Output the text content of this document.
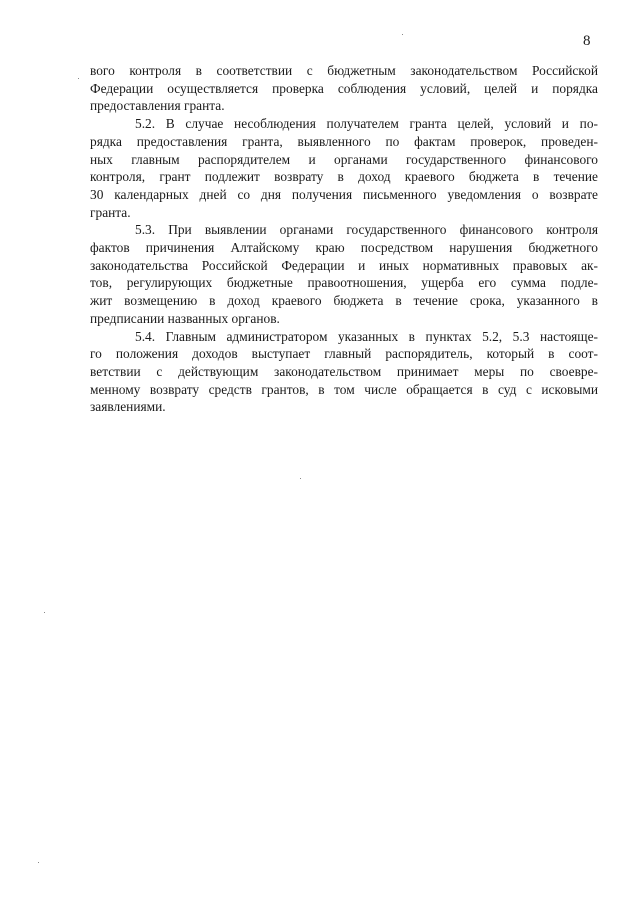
8
вого контроля в соответствии с бюджетным законодательством Российской
Федерации осуществляется проверка соблюдения условий, целей и порядка
предоставления гранта.
5.2. В случае несоблюдения получателем гранта целей, условий и по-
рядка предоставления гранта, выявленного по фактам проверок, проведен-
ных главным распорядителем и органами государственного финансового
контроля, грант подлежит возврату в доход краевого бюджета в течение
30 календарных дней со дня получения письменного уведомления о возврате
гранта.
5.3. При выявлении органами государственного финансового контроля
фактов причинения Алтайскому краю посредством нарушения бюджетного
законодательства Российской Федерации и иных нормативных правовых ак-
тов, регулирующих бюджетные правоотношения, ущерба его сумма подле-
жит возмещению в доход краевого бюджета в течение срока, указанного в
предписании названных органов.
5.4. Главным администратором указанных в пунктах 5.2, 5.3 настояще-
го положения доходов выступает главный распорядитель, который в соот-
ветствии с действующим законодательством принимает меры по своевре-
менному возврату средств грантов, в том числе обращается в суд с исковыми
заявлениями.
